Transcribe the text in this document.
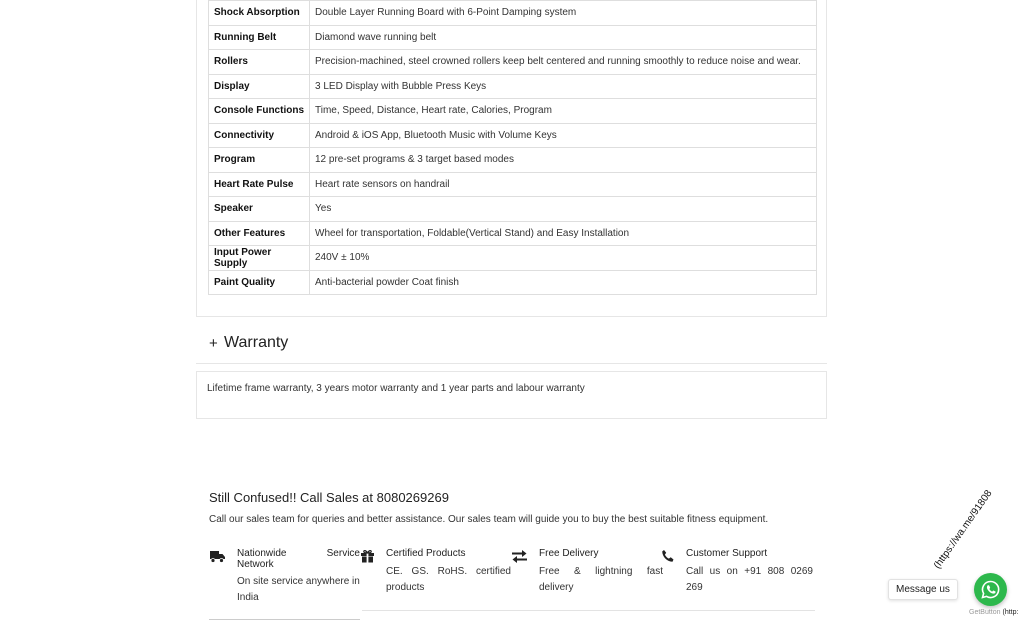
Shock Absorption	Double Layer Running Board with 6-Point Damping system
Running Belt	Diamond wave running belt
Rollers	Precision-machined, steel crowned rollers keep belt centered and running smoothly to reduce noise and wear.
Display	3 LED Display with Bubble Press Keys
Console Functions	Time, Speed, Distance, Heart rate, Calories, Program
Connectivity	Android & iOS App, Bluetooth Music with Volume Keys
Program	12 pre-set programs & 3 target based modes
Heart Rate Pulse	Heart rate sensors on handrail
Speaker	Yes
Other Features	Wheel for transportation, Foldable(Vertical Stand) and Easy Installation
Input Power Supply	240V ± 10%
Paint Quality	Anti-bacterial powder Coat finish
+ Warranty

Lifetime frame warranty, 3 years motor warranty and 1 year parts and labour warranty

Still Confused!! Call Sales at 8080269269

Call our sales team for queries and better assistance. Our sales team will guide you to buy the best suitable fitness equipment.

Nationwide Service
Network
On site service anywhere in India
Certified Products
CE. GS. RoHS. certified products
Free Delivery
Free & lightning fast delivery
Customer Support
Call us on +91 808 0269 269
(https://wa.me/91808
Message us
GetButton (http:
